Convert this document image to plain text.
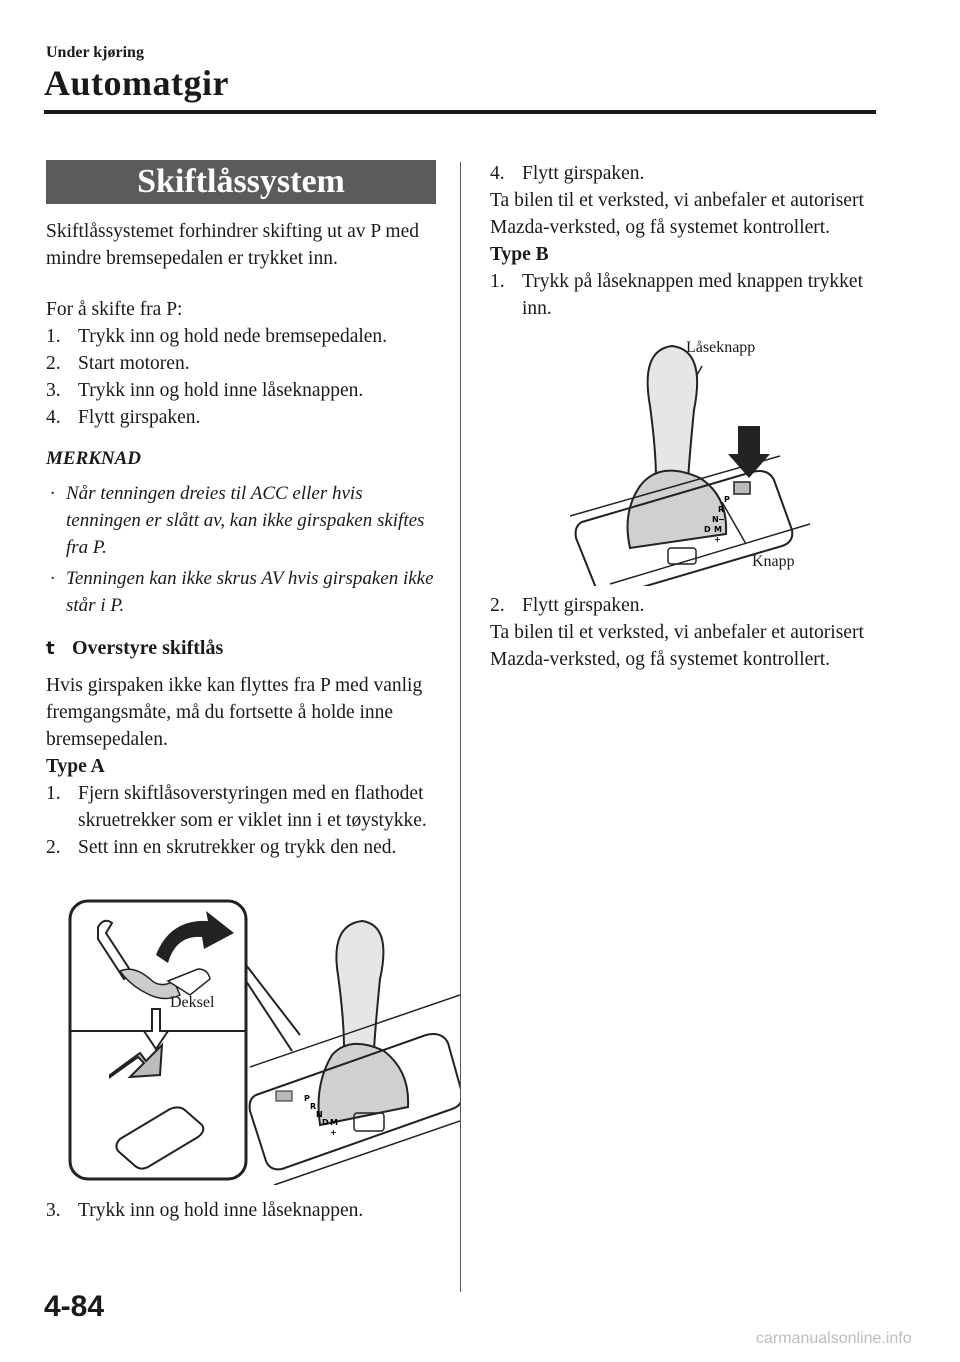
Under kjøring
Automatgir
Skiftlåssystem

Skiftlåssystemet forhindrer skifting ut av P med mindre bremsepedalen er trykket inn.

For å skifte fra P:

1. Trykk inn og hold nede bremsepedalen.
2. Start motoren.
3. Trykk inn og hold inne låseknappen.
4. Flytt girspaken.
MERKNAD
· Når tenningen dreies til ACC eller hvis tenningen er slått av, kan ikke girspaken skiftes fra P.
· Tenningen kan ikke skrus AV hvis girspaken ikke står i P.
t Overstyre skiftlås

Hvis girspaken ikke kan flyttes fra P med vanlig fremgangsmåte, må du fortsette å holde inne bremsepedalen.

Type A

1. Fjern skiftlåsoverstyringen med en flathodet skruetrekker som er viklet inn i et tøystykke.
2. Sett inn en skrutrekker og trykk den ned.
P
R
N
D M
+
Deksel
3. Trykk inn og hold inne låseknappen.
4. Flytt girspaken.

Ta bilen til et verksted, vi anbefaler et autorisert Mazda-verksted, og få systemet kontrollert.

Type B

1. Trykk på låseknappen med knappen trykket inn.
P
R
N
D M
−
+
Låseknapp
Knapp
2. Flytt girspaken.

Ta bilen til et verksted, vi anbefaler et autorisert Mazda-verksted, og få systemet kontrollert.

4-84
carmanualsonline.info
